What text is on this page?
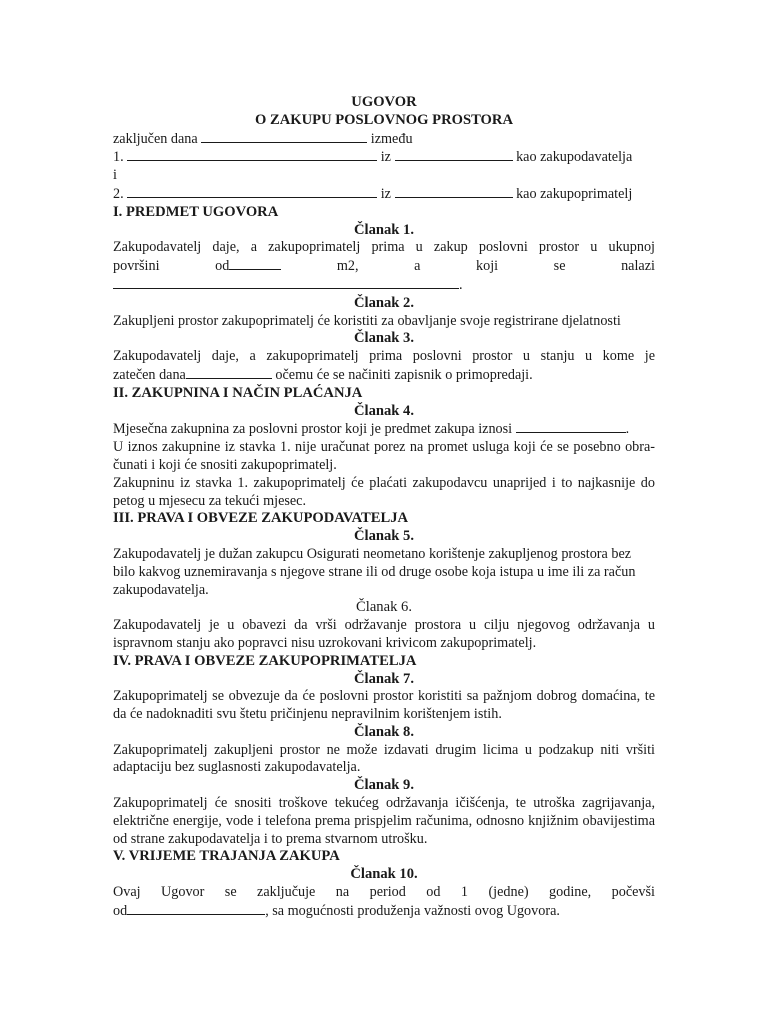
UGOVOR
O ZAKUPU POSLOVNOG PROSTORA
zaključen dana	između
1.	iz	kao zakupodavatelja
i
2.	iz	kao zakupoprimatelj
I. PREDMET UGOVORA
Članak 1.
Zakupodavatelj daje, a zakupoprimatelj prima u zakup poslovni prostor u ukupnoj
površini	od	m2,	a	koji	se	nalazi
.
Članak 2.
Zakupljeni prostor zakupoprimatelj će koristiti za obavljanje svoje registrirane djelatnosti
Članak 3.
Zakupodavatelj daje, a zakupoprimatelj prima poslovni prostor u stanju u kome je
zatečen dana	očemu će se načiniti zapisnik o primopredaji.
II. ZAKUPNINA I NAČIN PLAĆANJA
Članak 4.
Mjesečna zakupnina za poslovni prostor koji je predmet zakupa iznosi	.
U iznos zakupnine iz stavka 1. nije uračunat porez na promet usluga koji će se posebno obra-čunati i koji će snositi zakupoprimatelj.
Zakupninu iz stavka 1. zakupoprimatelj će plaćati zakupodavcu unaprijed i to najkasnije do petog u mjesecu za tekući mjesec.
III. PRAVA I OBVEZE ZAKUPODAVATELJA
Članak 5.
Zakupodavatelj je dužan zakupcu Osigurati neometano korištenje zakupljenog prostora bez bilo kakvog uznemiravanja s njegove strane ili od druge osobe koja istupa u ime ili za račun zakupodavatelja.
Članak 6.
Zakupodavatelj je u obavezi da vrši održavanje prostora u cilju njegovog održavanja u ispravnom stanju ako popravci nisu uzrokovani krivicom zakupoprimatelj.
IV. PRAVA I OBVEZE ZAKUPOPRIMATELJA
Članak 7.
Zakupoprimatelj se obvezuje da će poslovni prostor koristiti sa pažnjom dobrog domaćina, te da će nadoknaditi svu štetu pričinjenu nepravilnim korištenjem istih.
Članak 8.
Zakupoprimatelj zakupljeni prostor ne može izdavati drugim licima u podzakup niti vršiti adaptaciju bez suglasnosti zakupodavatelja.
Članak 9.
Zakupoprimatelj će snositi troškove tekućeg održavanja ičišćenja, te utroška zagrijavanja, električne energije, vode i telefona prema prispjelim računima, odnosno knjižnim obavijestima od strane zakupodavatelja i to prema stvarnom utrošku.
V. VRIJEME TRAJANJA ZAKUPA
Članak 10.
Ovaj Ugovor se zaključuje na period od 1 (jedne) godine, počevši
od	, sa mogućnosti produženja važnosti ovog Ugovora.
